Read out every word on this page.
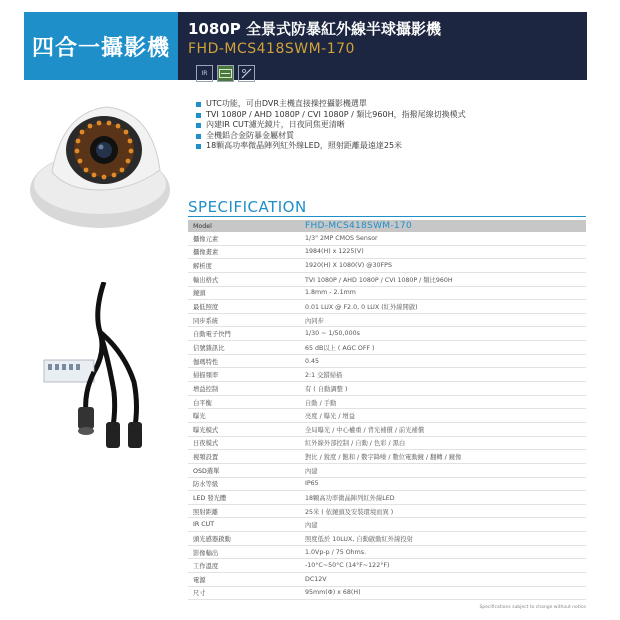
四合一攝影機
1080P 全景式防暴紅外線半球攝影機
FHD-MCS418SWM-170
IR
UTC功能，可由DVR主機直接操控攝影機選單
TVI 1080P / AHD 1080P / CVI 1080P / 類比960H，指撥尾線切換模式
內建IR CUT濾光鏡片，日夜同焦更清晰
全機鋁合金防暴金屬材質
18顆高功率微晶陣列紅外線LED，照射距離最遠達25米
SPECIFICATION
Model	FHD-MCS418SWM-170
攝像元素	1/3" 2MP CMOS Sensor
攝像畫素	1984(H) x 1225(V)
解析度	1920(H) X 1080(V) @30FPS
輸出格式	TVI 1080P / AHD 1080P / CVI 1080P / 類比960H
鏡頭	1.8mm - 2.1mm
最低照度	0.01 LUX @ F2.0, 0 LUX (紅外線開啟)
同步系統	內同步
自動電子快門	1/30 ~ 1/50,000s
信號雜訊比	65 dB以上 ( AGC OFF )
伽瑪特性	0.45
掃描頻率	2:1 交錯掃描
增益控制	有 ( 自動調整 )
白平衡	自動 / 手動
曝光	亮度 / 曝光 / 增益
曝光模式	全局曝光 / 中心權重 / 背光補償 / 前光補償
日夜模式	紅外線外部控制 / 自動 / 色彩 / 黑白
視頻設置	對比 / 銳度 / 飽和 / 數字降噪 / 數位電動鏡 / 翻轉 / 鏡像
OSD選單	內建
防水等級	IP65
LED 發光體	18顆高功率微晶陣列紅外線LED
照射距離	25米 ( 依鏡頭及安裝環境而異 )
IR CUT	內建
頭光感器啟動	照度低於 10LUX, 自動啟動紅外線投射
影像輸出	1.0Vp-p / 75 Ohms.
工作溫度	-10°C~50°C (14°F~122°F)
電源	DC12V
尺寸	95mm(Φ) x 68(H)
Specifications subject to change without notice
